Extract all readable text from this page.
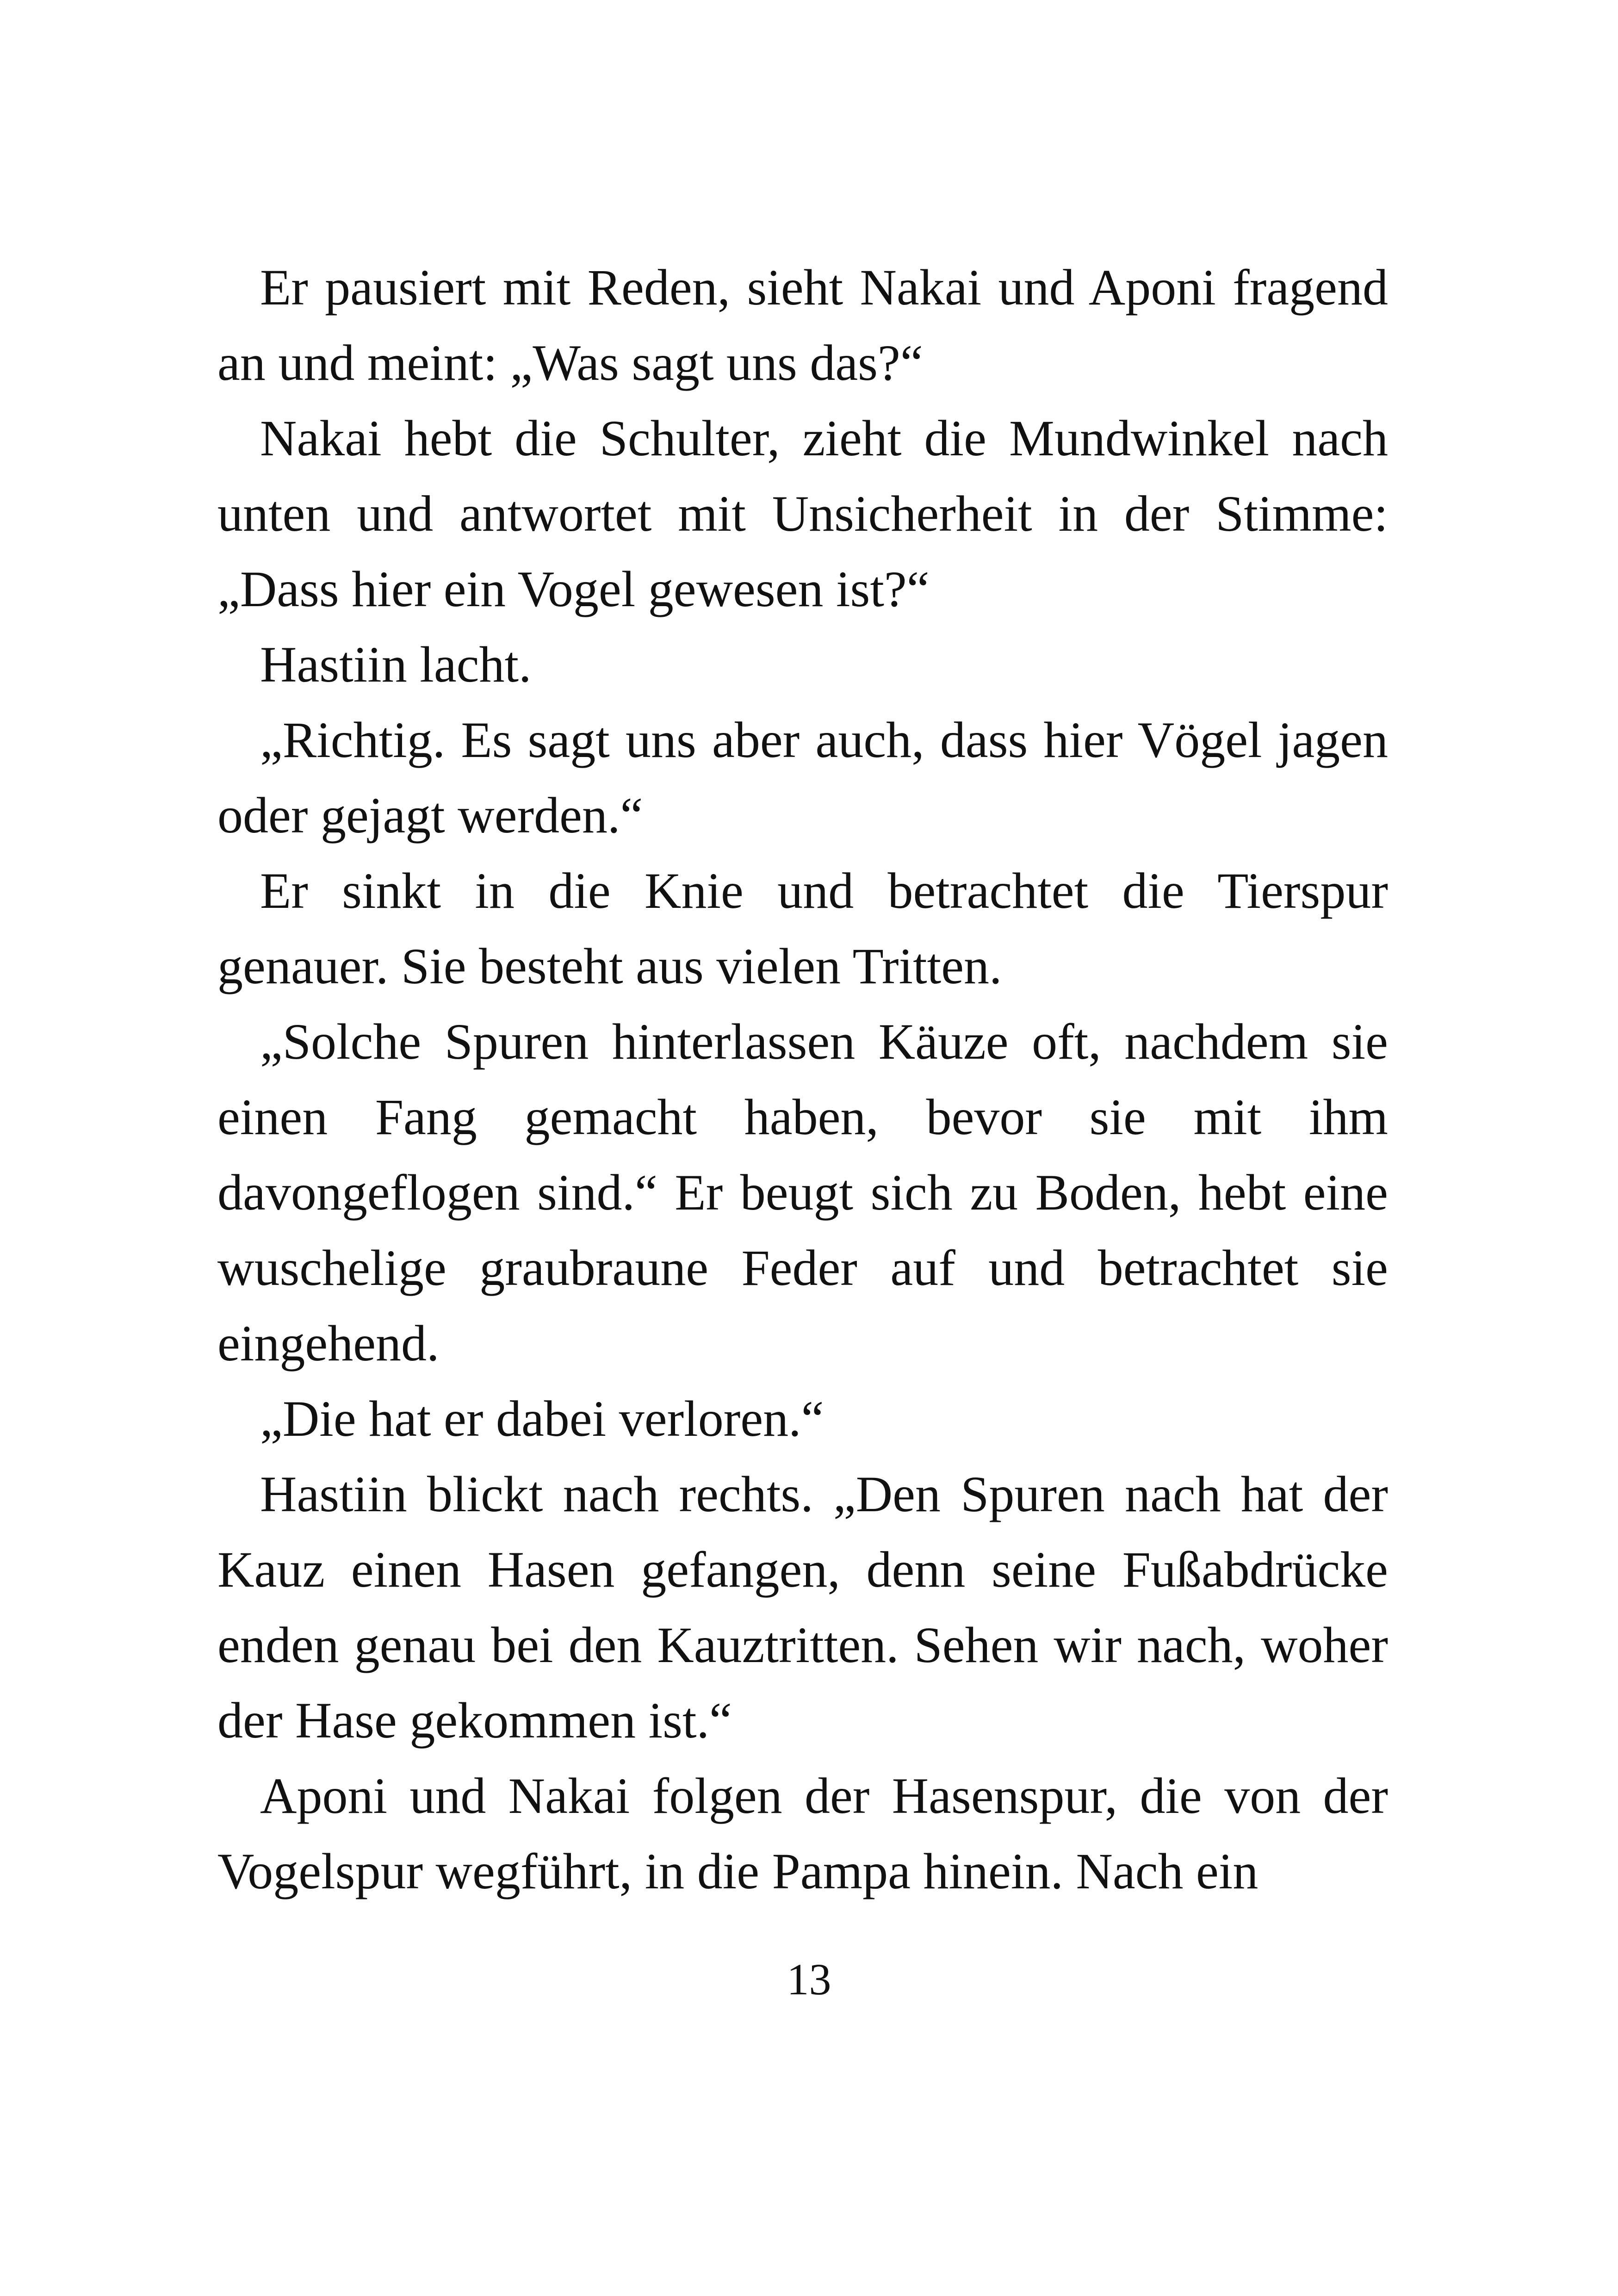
Er pausiert mit Reden, sieht Nakai und Aponi fragend an und meint: „Was sagt uns das?“

Nakai hebt die Schulter, zieht die Mundwinkel nach unten und antwortet mit Unsicherheit in der Stimme: „Dass hier ein Vogel gewesen ist?“

Hastiin lacht.

„Richtig. Es sagt uns aber auch, dass hier Vögel jagen oder gejagt werden.“

Er sinkt in die Knie und betrachtet die Tierspur genauer. Sie besteht aus vielen Tritten.

„Solche Spuren hinterlassen Käuze oft, nachdem sie einen Fang gemacht haben, bevor sie mit ihm davongeflogen sind.“ Er beugt sich zu Boden, hebt eine wuschelige graubraune Feder auf und betrachtet sie eingehend.

„Die hat er dabei verloren.“

Hastiin blickt nach rechts. „Den Spuren nach hat der Kauz einen Hasen gefangen, denn seine Fußabdrücke enden genau bei den Kauztritten. Sehen wir nach, woher der Hase gekommen ist.“

Aponi und Nakai folgen der Hasenspur, die von der Vogelspur wegführt, in die Pampa hinein. Nach ein

13
